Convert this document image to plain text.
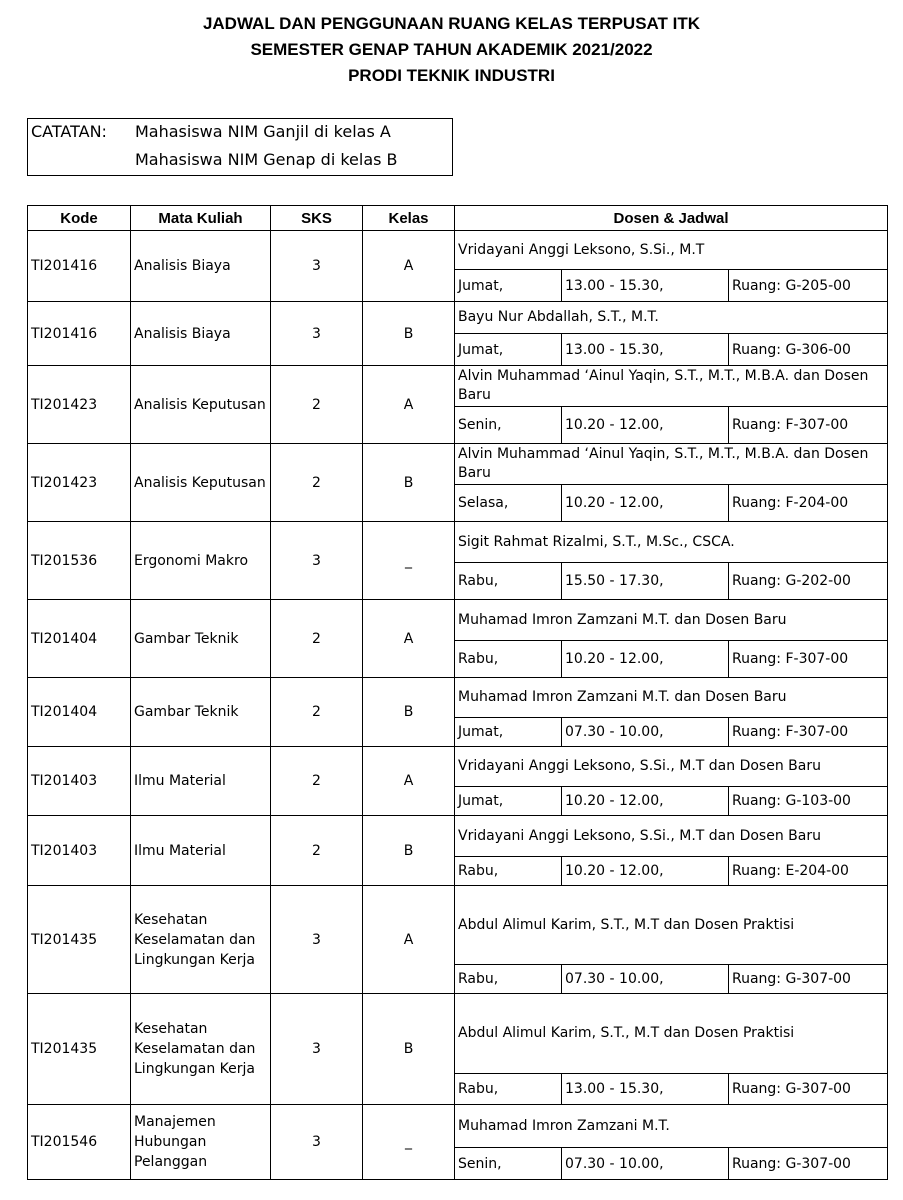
JADWAL DAN PENGGUNAAN RUANG KELAS TERPUSAT ITK
SEMESTER GENAP TAHUN AKADEMIK 2021/2022
PRODI TEKNIK INDUSTRI
CATATAN: Mahasiswa NIM Ganjil di kelas A
Mahasiswa NIM Genap di kelas B
Kode	Mata Kuliah	SKS	Kelas	Dosen & Jadwal		
TI201416	Analisis Biaya	3	A	Vridayani Anggi Leksono, S.Si., M.T		
				Jumat,	13.00 - 15.30,	Ruang: G-205-00
TI201416	Analisis Biaya	3	B	Bayu Nur Abdallah, S.T., M.T.		
				Jumat,	13.00 - 15.30,	Ruang: G-306-00
TI201423	Analisis Keputusan	2	A	Alvin Muhammad ‘Ainul Yaqin, S.T., M.T., M.B.A. dan Dosen Baru		
				Senin,	10.20 - 12.00,	Ruang: F-307-00
TI201423	Analisis Keputusan	2	B	Alvin Muhammad ‘Ainul Yaqin, S.T., M.T., M.B.A. dan Dosen Baru		
				Selasa,	10.20 - 12.00,	Ruang: F-204-00
TI201536	Ergonomi Makro	3	_	Sigit Rahmat Rizalmi, S.T., M.Sc., CSCA.		
				Rabu,	15.50 - 17.30,	Ruang: G-202-00
TI201404	Gambar Teknik	2	A	Muhamad Imron Zamzani M.T. dan Dosen Baru		
				Rabu,	10.20 - 12.00,	Ruang: F-307-00
TI201404	Gambar Teknik	2	B	Muhamad Imron Zamzani M.T. dan Dosen Baru		
				Jumat,	07.30 - 10.00,	Ruang: F-307-00
TI201403	Ilmu Material	2	A	Vridayani Anggi Leksono, S.Si., M.T dan Dosen Baru		
				Jumat,	10.20 - 12.00,	Ruang: G-103-00
TI201403	Ilmu Material	2	B	Vridayani Anggi Leksono, S.Si., M.T dan Dosen Baru		
				Rabu,	10.20 - 12.00,	Ruang: E-204-00
TI201435	Kesehatan Keselamatan dan Lingkungan Kerja	3	A	Abdul Alimul Karim, S.T., M.T dan Dosen Praktisi		
				Rabu,	07.30 - 10.00,	Ruang: G-307-00
TI201435	Kesehatan Keselamatan dan Lingkungan Kerja	3	B	Abdul Alimul Karim, S.T., M.T dan Dosen Praktisi		
				Rabu,	13.00 - 15.30,	Ruang: G-307-00
TI201546	Manajemen Hubungan Pelanggan	3	_	Muhamad Imron Zamzani M.T.		
				Senin,	07.30 - 10.00,	Ruang: G-307-00
